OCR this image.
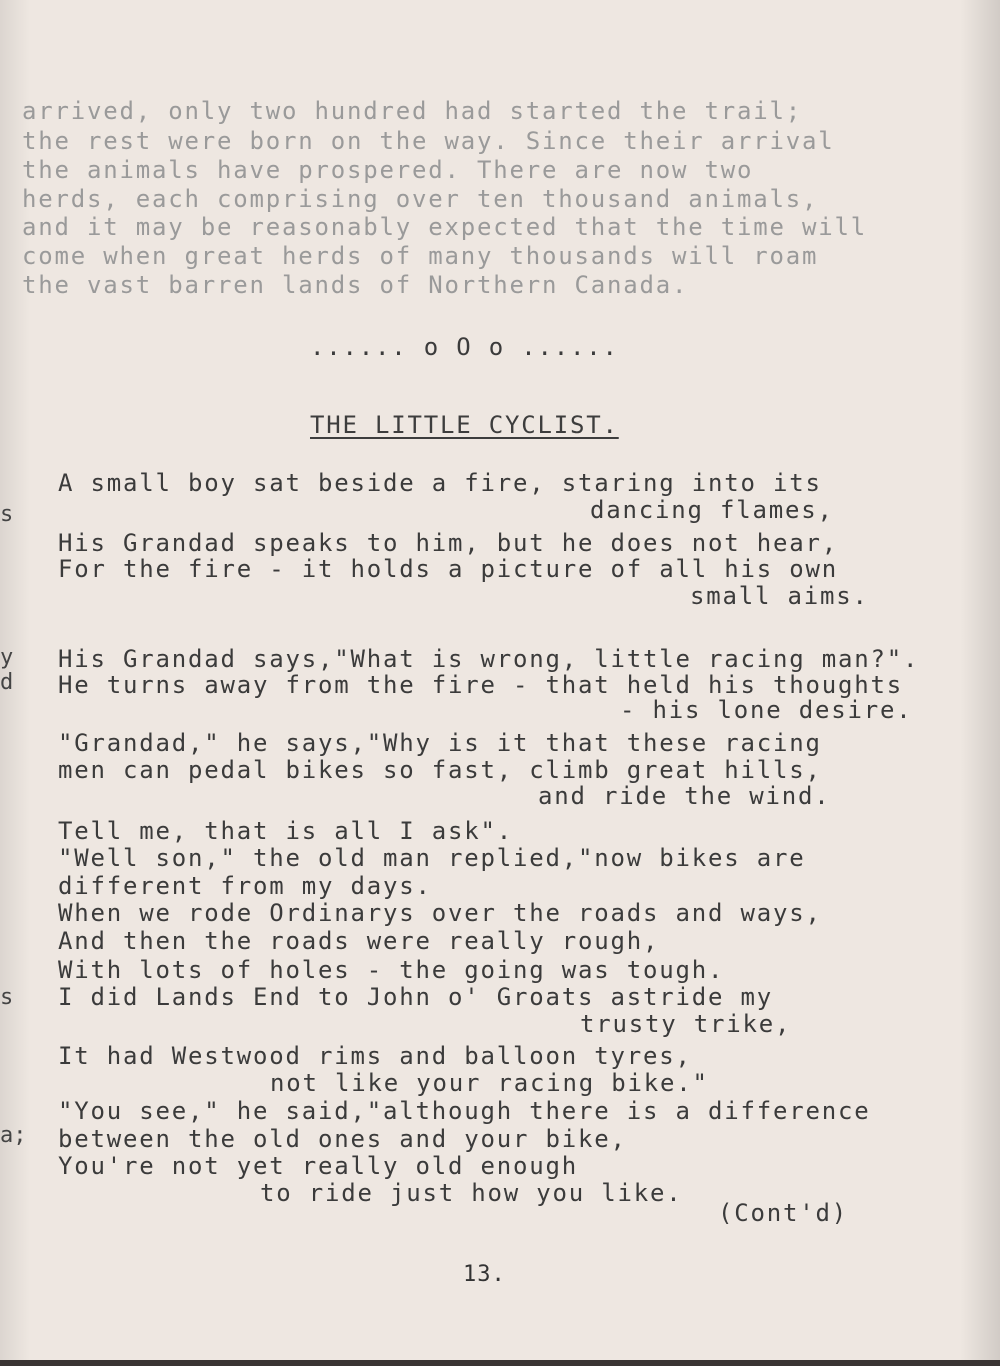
arrived, only two hundred had started the trail;
the rest were born on the way. Since their arrival
the animals have prospered. There are now two
herds, each comprising over ten thousand animals,
and it may be reasonably expected that the time will
come when great herds of many thousands will roam
the vast barren lands of Northern Canada.
...... o O o ......
THE LITTLE CYCLIST.
A small boy sat beside a fire, staring into its
dancing flames,
His Grandad speaks to him, but he does not hear,
For the fire - it holds a picture of all his own
small aims.
His Grandad says,"What is wrong, little racing man?".
He turns away from the fire - that held his thoughts
- his lone desire.
"Grandad," he says,"Why is it that these racing
men can pedal bikes so fast, climb great hills,
and ride the wind.
Tell me, that is all I ask".
"Well son," the old man replied,"now bikes are
different from my days.
When we rode Ordinarys over the roads and ways,
And then the roads were really rough,
With lots of holes - the going was tough.
I did Lands End to John o' Groats astride my
trusty trike,
It had Westwood rims and balloon tyres,
not like your racing bike."
"You see," he said,"although there is a difference
between the old ones and your bike,
You're not yet really old enough
to ride just how you like.
(Cont'd)
s
y
d
s
a;
13.
